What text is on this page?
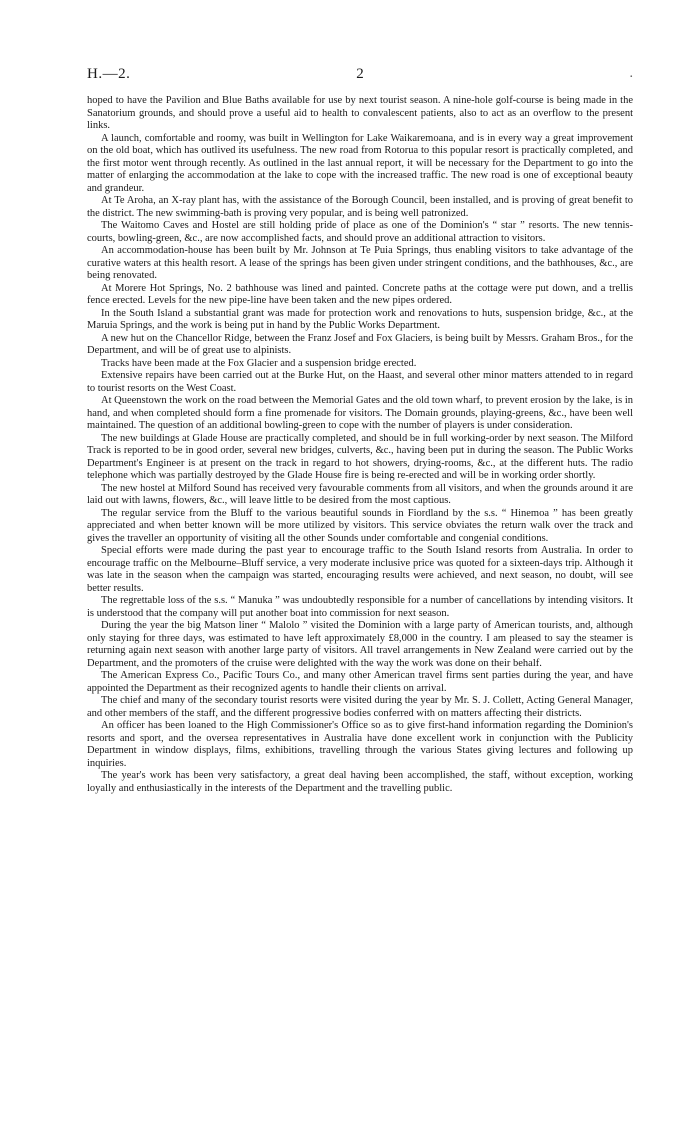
H.—2.	2	.

hoped to have the Pavilion and Blue Baths available for use by next tourist season. A nine-hole golf-course is being made in the Sanatorium grounds, and should prove a useful aid to health to convalescent patients, also to act as an overflow to the present links.

A launch, comfortable and roomy, was built in Wellington for Lake Waikaremoana, and is in every way a great improvement on the old boat, which has outlived its usefulness. The new road from Rotorua to this popular resort is practically completed, and the first motor went through recently. As outlined in the last annual report, it will be necessary for the Department to go into the matter of enlarging the accommodation at the lake to cope with the increased traffic. The new road is one of exceptional beauty and grandeur.

At Te Aroha, an X-ray plant has, with the assistance of the Borough Council, been installed, and is proving of great benefit to the district. The new swimming-bath is proving very popular, and is being well patronized.

The Waitomo Caves and Hostel are still holding pride of place as one of the Dominion's “ star ” resorts. The new tennis-courts, bowling-green, &c., are now accomplished facts, and should prove an additional attraction to visitors.

An accommodation-house has been built by Mr. Johnson at Te Puia Springs, thus enabling visitors to take advantage of the curative waters at this health resort. A lease of the springs has been given under stringent conditions, and the bathhouses, &c., are being renovated.

At Morere Hot Springs, No. 2 bathhouse was lined and painted. Concrete paths at the cottage were put down, and a trellis fence erected. Levels for the new pipe-line have been taken and the new pipes ordered.

In the South Island a substantial grant was made for protection work and renovations to huts, suspension bridge, &c., at the Maruia Springs, and the work is being put in hand by the Public Works Department.

A new hut on the Chancellor Ridge, between the Franz Josef and Fox Glaciers, is being built by Messrs. Graham Bros., for the Department, and will be of great use to alpinists.

Tracks have been made at the Fox Glacier and a suspension bridge erected.

Extensive repairs have been carried out at the Burke Hut, on the Haast, and several other minor matters attended to in regard to tourist resorts on the West Coast.

At Queenstown the work on the road between the Memorial Gates and the old town wharf, to prevent erosion by the lake, is in hand, and when completed should form a fine promenade for visitors. The Domain grounds, playing-greens, &c., have been well maintained. The question of an additional bowling-green to cope with the number of players is under consideration.

The new buildings at Glade House are practically completed, and should be in full working-order by next season. The Milford Track is reported to be in good order, several new bridges, culverts, &c., having been put in during the season. The Public Works Department's Engineer is at present on the track in regard to hot showers, drying-rooms, &c., at the different huts. The radio telephone which was partially destroyed by the Glade House fire is being re-erected and will be in working order shortly.

The new hostel at Milford Sound has received very favourable comments from all visitors, and when the grounds around it are laid out with lawns, flowers, &c., will leave little to be desired from the most captious.

The regular service from the Bluff to the various beautiful sounds in Fiordland by the s.s. “ Hinemoa ” has been greatly appreciated and when better known will be more utilized by visitors. This service obviates the return walk over the track and gives the traveller an opportunity of visiting all the other Sounds under comfortable and congenial conditions.

Special efforts were made during the past year to encourage traffic to the South Island resorts from Australia. In order to encourage traffic on the Melbourne–Bluff service, a very moderate inclusive price was quoted for a sixteen-days trip. Although it was late in the season when the campaign was started, encouraging results were achieved, and next season, no doubt, will see better results.

The regrettable loss of the s.s. “ Manuka ” was undoubtedly responsible for a number of cancellations by intending visitors. It is understood that the company will put another boat into commission for next season.

During the year the big Matson liner “ Malolo ” visited the Dominion with a large party of American tourists, and, although only staying for three days, was estimated to have left approximately £8,000 in the country. I am pleased to say the steamer is returning again next season with another large party of visitors. All travel arrangements in New Zealand were carried out by the Department, and the promoters of the cruise were delighted with the way the work was done on their behalf.

The American Express Co., Pacific Tours Co., and many other American travel firms sent parties during the year, and have appointed the Department as their recognized agents to handle their clients on arrival.

The chief and many of the secondary tourist resorts were visited during the year by Mr. S. J. Collett, Acting General Manager, and other members of the staff, and the different progressive bodies conferred with on matters affecting their districts.

An officer has been loaned to the High Commissioner's Office so as to give first-hand information regarding the Dominion's resorts and sport, and the oversea representatives in Australia have done excellent work in conjunction with the Publicity Department in window displays, films, exhibitions, travelling through the various States giving lectures and following up inquiries.

The year's work has been very satisfactory, a great deal having been accomplished, the staff, without exception, working loyally and enthusiastically in the interests of the Department and the travelling public.
